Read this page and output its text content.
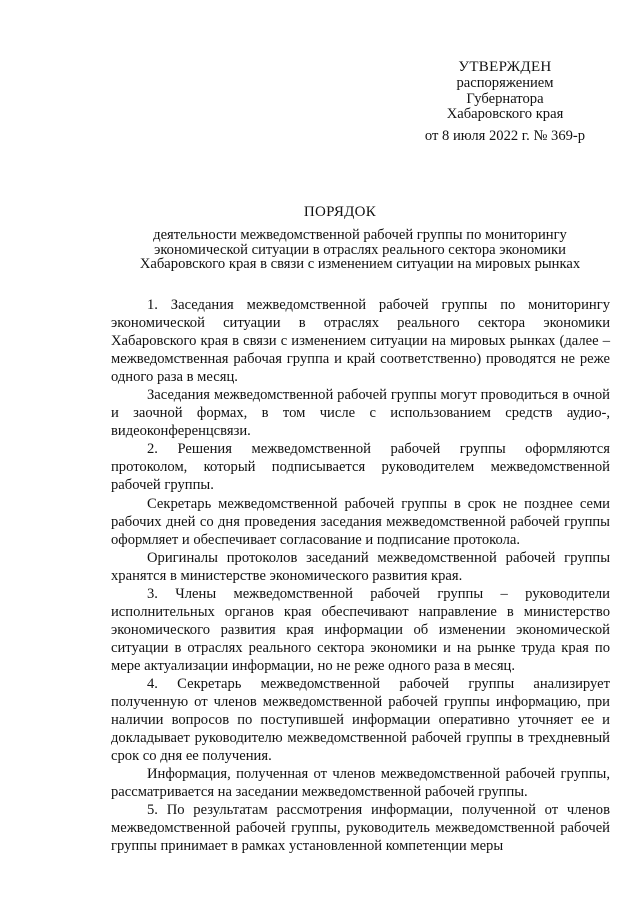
УТВЕРЖДЕН
распоряжением
Губернатора
Хабаровского края
от 8 июля 2022 г. № 369-р
ПОРЯДОК
деятельности межведомственной рабочей группы по мониторингу
экономической ситуации в отраслях реального сектора экономики
Хабаровского края в связи с изменением ситуации на мировых рынках

1. Заседания межведомственной рабочей группы по мониторингу экономической ситуации в отраслях реального сектора экономики Хабаровского края в связи с изменением ситуации на мировых рынках (далее – межведомственная рабочая группа и край соответственно) проводятся не реже одного раза в месяц.

Заседания межведомственной рабочей группы могут проводиться в очной и заочной формах, в том числе с использованием средств аудио-, видеоконференцсвязи.

2. Решения межведомственной рабочей группы оформляются протоколом, который подписывается руководителем межведомственной рабочей группы.

Секретарь межведомственной рабочей группы в срок не позднее семи рабочих дней со дня проведения заседания межведомственной рабочей группы оформляет и обеспечивает согласование и подписание протокола.

Оригиналы протоколов заседаний межведомственной рабочей группы хранятся в министерстве экономического развития края.

3. Члены межведомственной рабочей группы – руководители исполнительных органов края обеспечивают направление в министерство экономического развития края информации об изменении экономической ситуации в отраслях реального сектора экономики и на рынке труда края по мере актуализации информации, но не реже одного раза в месяц.

4. Секретарь межведомственной рабочей группы анализирует полученную от членов межведомственной рабочей группы информацию, при наличии вопросов по поступившей информации оперативно уточняет ее и докладывает руководителю межведомственной рабочей группы в трехдневный срок со дня ее получения.

Информация, полученная от членов межведомственной рабочей группы, рассматривается на заседании межведомственной рабочей группы.

5. По результатам рассмотрения информации, полученной от членов межведомственной рабочей группы, руководитель межведомственной рабочей группы принимает в рамках установленной компетенции меры
